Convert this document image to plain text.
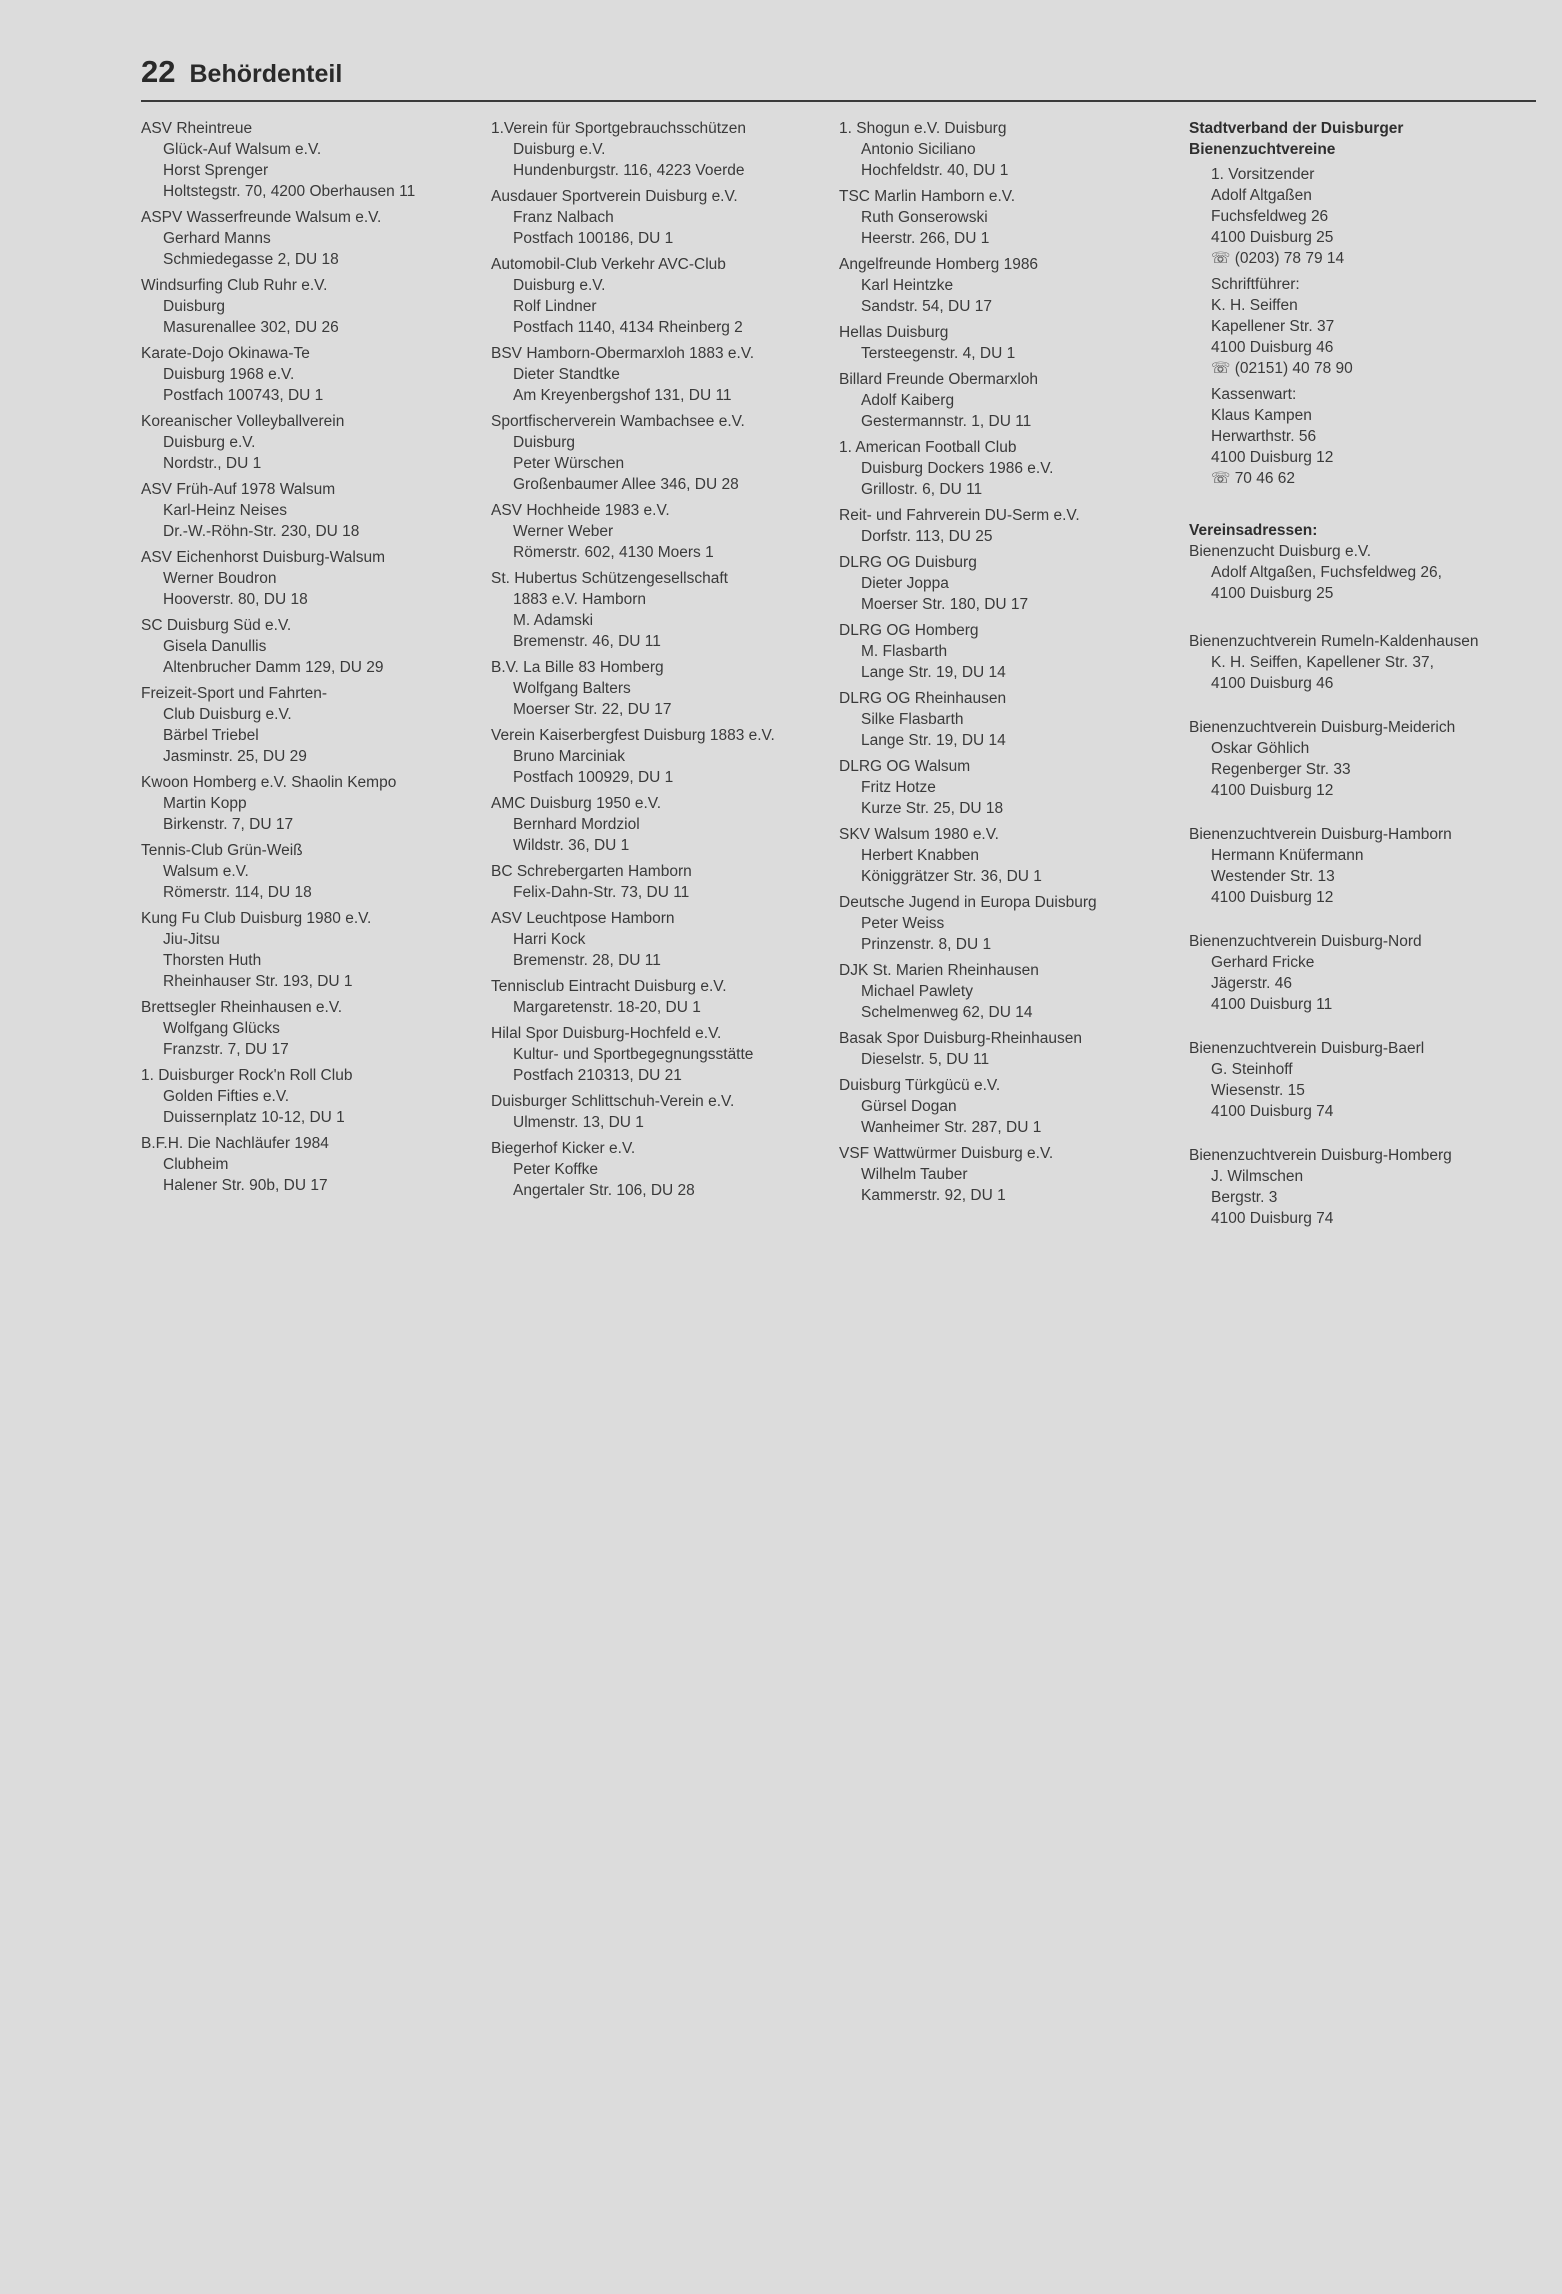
22 Behördenteil
ASV Rheintreue
Glück-Auf Walsum e.V.
Horst Sprenger
Holtstegstr. 70, 4200 Oberhausen 11
ASPV Wasserfreunde Walsum e.V.
Gerhard Manns
Schmiedegasse 2, DU 18
Windsurfing Club Ruhr e.V.
Duisburg
Masurenallee 302, DU 26
Karate-Dojo Okinawa-Te
Duisburg 1968 e.V.
Postfach 100743, DU 1
Koreanischer Volleyballverein
Duisburg e.V.
Nordstr., DU 1
ASV Früh-Auf 1978 Walsum
Karl-Heinz Neises
Dr.-W.-Röhn-Str. 230, DU 18
ASV Eichenhorst Duisburg-Walsum
Werner Boudron
Hooverstr. 80, DU 18
SC Duisburg Süd e.V.
Gisela Danullis
Altenbrucher Damm 129, DU 29
Freizeit-Sport und Fahrten-
Club Duisburg e.V.
Bärbel Triebel
Jasminstr. 25, DU 29
Kwoon Homberg e.V. Shaolin Kempo
Martin Kopp
Birkenstr. 7, DU 17
Tennis-Club Grün-Weiß
Walsum e.V.
Römerstr. 114, DU 18
Kung Fu Club Duisburg 1980 e.V.
Jiu-Jitsu
Thorsten Huth
Rheinhauser Str. 193, DU 1
Brettsegler Rheinhausen e.V.
Wolfgang Glücks
Franzstr. 7, DU 17
1. Duisburger Rock'n Roll Club
Golden Fifties e.V.
Duissernplatz 10-12, DU 1
B.F.H. Die Nachläufer 1984
Clubheim
Halener Str. 90b, DU 17
1.Verein für Sportgebrauchsschützen
Duisburg e.V.
Hundenburgstr. 116, 4223 Voerde
Ausdauer Sportverein Duisburg e.V.
Franz Nalbach
Postfach 100186, DU 1
Automobil-Club Verkehr AVC-Club
Duisburg e.V.
Rolf Lindner
Postfach 1140, 4134 Rheinberg 2
BSV Hamborn-Obermarxloh 1883 e.V.
Dieter Standtke
Am Kreyenbergshof 131, DU 11
Sportfischerverein Wambachsee e.V.
Duisburg
Peter Würschen
Großenbaumer Allee 346, DU 28
ASV Hochheide 1983 e.V.
Werner Weber
Römerstr. 602, 4130 Moers 1
St. Hubertus Schützengesellschaft
1883 e.V. Hamborn
M. Adamski
Bremenstr. 46, DU 11
B.V. La Bille 83 Homberg
Wolfgang Balters
Moerser Str. 22, DU 17
Verein Kaiserbergfest Duisburg 1883 e.V.
Bruno Marciniak
Postfach 100929, DU 1
AMC Duisburg 1950 e.V.
Bernhard Mordziol
Wildstr. 36, DU 1
BC Schrebergarten Hamborn
Felix-Dahn-Str. 73, DU 11
ASV Leuchtpose Hamborn
Harri Kock
Bremenstr. 28, DU 11
Tennisclub Eintracht Duisburg e.V.
Margaretenstr. 18-20, DU 1
Hilal Spor Duisburg-Hochfeld e.V.
Kultur- und Sportbegegnungsstätte
Postfach 210313, DU 21
Duisburger Schlittschuh-Verein e.V.
Ulmenstr. 13, DU 1
Biegerhof Kicker e.V.
Peter Koffke
Angertaler Str. 106, DU 28
1. Shogun e.V. Duisburg
Antonio Siciliano
Hochfeldstr. 40, DU 1
TSC Marlin Hamborn e.V.
Ruth Gonserowski
Heerstr. 266, DU 1
Angelfreunde Homberg 1986
Karl Heintzke
Sandstr. 54, DU 17
Hellas Duisburg
Tersteegenstr. 4, DU 1
Billard Freunde Obermarxloh
Adolf Kaiberg
Gestermannstr. 1, DU 11
1. American Football Club
Duisburg Dockers 1986 e.V.
Grillostr. 6, DU 11
Reit- und Fahrverein DU-Serm e.V.
Dorfstr. 113, DU 25
DLRG OG Duisburg
Dieter Joppa
Moerser Str. 180, DU 17
DLRG OG Homberg
M. Flasbarth
Lange Str. 19, DU 14
DLRG OG Rheinhausen
Silke Flasbarth
Lange Str. 19, DU 14
DLRG OG Walsum
Fritz Hotze
Kurze Str. 25, DU 18
SKV Walsum 1980 e.V.
Herbert Knabben
Königgrätzer Str. 36, DU 1
Deutsche Jugend in Europa Duisburg
Peter Weiss
Prinzenstr. 8, DU 1
DJK St. Marien Rheinhausen
Michael Pawlety
Schelmenweg 62, DU 14
Basak Spor Duisburg-Rheinhausen
Dieselstr. 5, DU 11
Duisburg Türkgücü e.V.
Gürsel Dogan
Wanheimer Str. 287, DU 1
VSF Wattwürmer Duisburg e.V.
Wilhelm Tauber
Kammerstr. 92, DU 1
Stadtverband der Duisburger
Bienenzuchtvereine
1. Vorsitzender
Adolf Altgaßen
Fuchsfeldweg 26
4100 Duisburg 25
☏ (0203) 78 79 14
Schriftführer:
K. H. Seiffen
Kapellener Str. 37
4100 Duisburg 46
☏ (02151) 40 78 90
Kassenwart:
Klaus Kampen
Herwarthstr. 56
4100 Duisburg 12
☏ 70 46 62
Vereinsadressen:
Bienenzucht Duisburg e.V.
Adolf Altgaßen, Fuchsfeldweg 26,
4100 Duisburg 25
Bienenzuchtverein Rumeln-Kaldenhausen
K. H. Seiffen, Kapellener Str. 37,
4100 Duisburg 46
Bienenzuchtverein Duisburg-Meiderich
Oskar Göhlich
Regenberger Str. 33
4100 Duisburg 12
Bienenzuchtverein Duisburg-Hamborn
Hermann Knüfermann
Westender Str. 13
4100 Duisburg 12
Bienenzuchtverein Duisburg-Nord
Gerhard Fricke
Jägerstr. 46
4100 Duisburg 11
Bienenzuchtverein Duisburg-Baerl
G. Steinhoff
Wiesenstr. 15
4100 Duisburg 74
Bienenzuchtverein Duisburg-Homberg
J. Wilmschen
Bergstr. 3
4100 Duisburg 74
